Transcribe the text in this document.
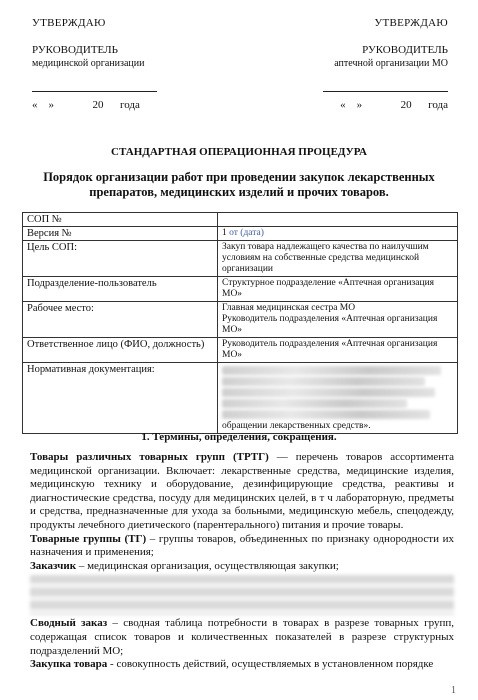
УТВЕРЖДАЮ
РУКОВОДИТЕЛЬ
медицинской организации
«    »              20      года
УТВЕРЖДАЮ
РУКОВОДИТЕЛЬ
аптечной организации МО
«    »              20      года
СТАНДАРТНАЯ ОПЕРАЦИОННАЯ ПРОЦЕДУРА
Порядок организации работ при проведении закупок лекарственных препаратов, медицинских изделий и прочих товаров.
СОП №	
Версия №	1 от (дата)
Цель СОП:	Закуп товара надлежащего качества по наилучшим условиям на собственные средства медицинской организации
Подразделение-пользователь	Структурное подразделение «Аптечная организация МО»
Рабочее место:	Главная медицинская сестра МО
Руководитель подразделения «Аптечная организация МО»
Ответственное лицо (ФИО, должность)	Руководитель подразделения «Аптечная организация МО»
Нормативная документация:	обращении лекарственных средств».
1. Термины, определения, сокращения.

Товары различных товарных групп (ТРТГ) — перечень товаров ассортимента медицинской организации. Включает: лекарственные средства, медицинские изделия, медицинскую технику и оборудование, дезинфицирующие средства, реактивы и диагностические средства, посуду для медицинских целей, в т ч лабораторную, предметы и средства, предназначенные для ухода за больными, медицинскую мебель, спецодежду, продукты лечебного диетического (парентерального) питания и прочие товары.

Товарные группы (ТГ) – группы товаров, объединенных по признаку однородности их назначения и применения;

Заказчик – медицинская организация, осуществляющая закупки;

Сводный заказ – сводная таблица потребности в товарах в разрезе товарных групп, содержащая список товаров и количественных показателей в разрезе структурных подразделений МО;

Закупка товара - совокупность действий, осуществляемых в установленном порядке

1
